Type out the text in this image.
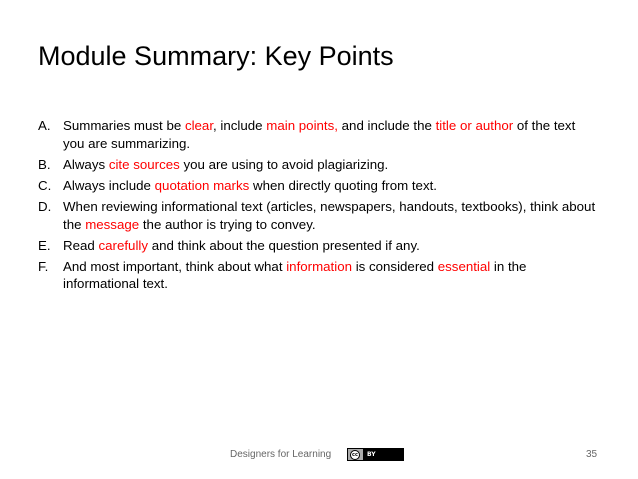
Module Summary: Key Points
A. Summaries must be clear, include main points, and include the title or author of the text you are summarizing.
B. Always cite sources you are using to avoid plagiarizing.
C. Always include quotation marks when directly quoting from text.
D. When reviewing informational text (articles, newspapers, handouts, textbooks), think about the message the author is trying to convey.
E. Read carefully and think about the question presented if any.
F. And most important, think about what information is considered essential in the informational text.
Designers for Learning	cc	BY	35
